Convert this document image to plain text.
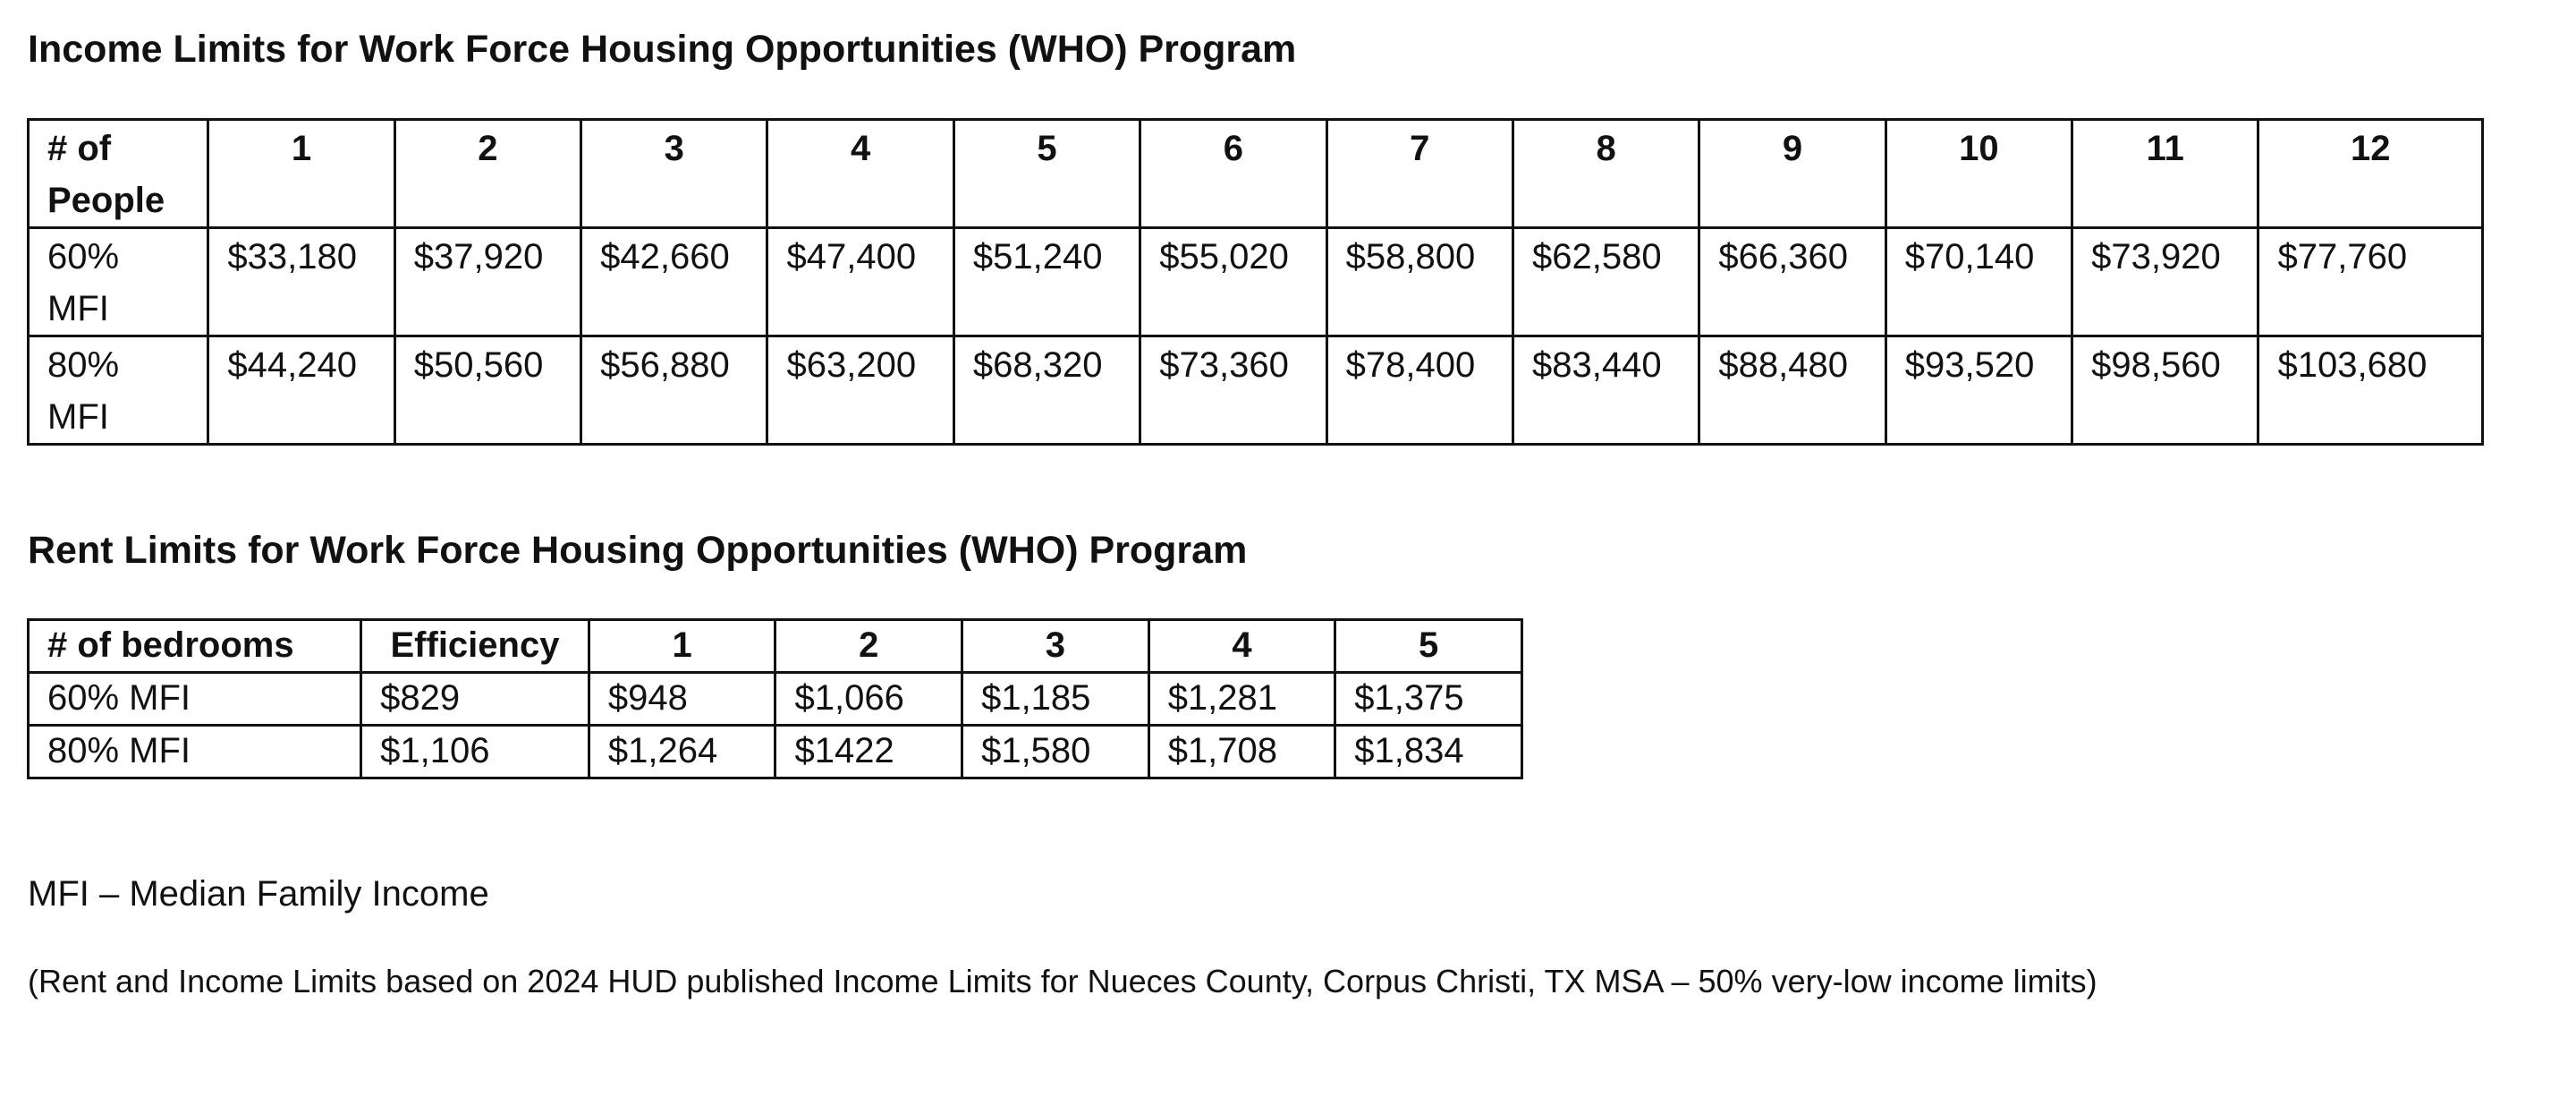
Income Limits for Work Force Housing Opportunities (WHO) Program
# of
People	1	2	3	4	5	6	7	8	9	10	11	12
60%
MFI	$33,180	$37,920	$42,660	$47,400	$51,240	$55,020	$58,800	$62,580	$66,360	$70,140	$73,920	$77,760
80%
MFI	$44,240	$50,560	$56,880	$63,200	$68,320	$73,360	$78,400	$83,440	$88,480	$93,520	$98,560	$103,680
Rent Limits for Work Force Housing Opportunities (WHO) Program
# of bedrooms	Efficiency	1	2	3	4	5
60% MFI	$829	$948	$1,066	$1,185	$1,281	$1,375
80% MFI	$1,106	$1,264	$1422	$1,580	$1,708	$1,834

MFI – Median Family Income

(Rent and Income Limits based on 2024 HUD published Income Limits for Nueces County, Corpus Christi, TX MSA – 50% very-low income limits)
